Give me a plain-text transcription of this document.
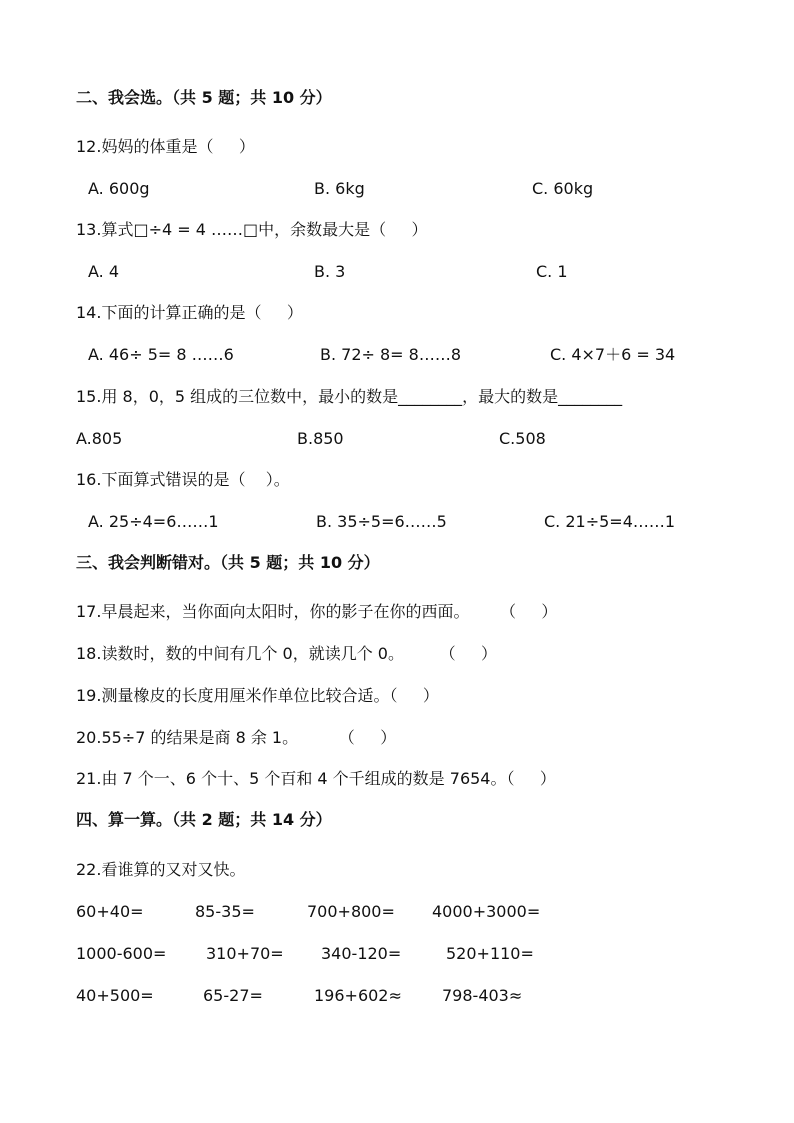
二、我会选。（共 5 题；共 10 分）
12.妈妈的体重是（     ）
A. 600g	B. 6kg	C. 60kg
13.算式□÷4 = 4 ……□中，余数最大是（     ）
A. 4	B. 3	C. 1
14.下面的计算正确的是（     ）
A. 46÷ 5= 8 ……6	B. 72÷ 8= 8……8	C. 4×7＋6 = 34
15.用 8，0，5 组成的三位数中，最小的数是________，最大的数是________
A.805	B.850	C.508
16.下面算式错误的是（    ）。
A. 25÷4=6……1	B. 35÷5=6……5	C. 21÷5=4……1
三、我会判断错对。（共 5 题；共 10 分）
17.早晨起来，当你面向太阳时，你的影子在你的西面。      （     ）
18.读数时，数的中间有几个 0，就读几个 0。       （     ）
19.测量橡皮的长度用厘米作单位比较合适。（     ）
20.55÷7 的结果是商 8 余 1。        （     ）
21.由 7 个一、6 个十、5 个百和 4 个千组成的数是 7654。（     ）
四、算一算。（共 2 题；共 14 分）
22.看谁算的又对又快。
60+40=	85-35=	700+800= 4000+3000=
1000-600= 310+70= 340-120=	520+110=
40+500=	65-27=	196+602≈	798-403≈
